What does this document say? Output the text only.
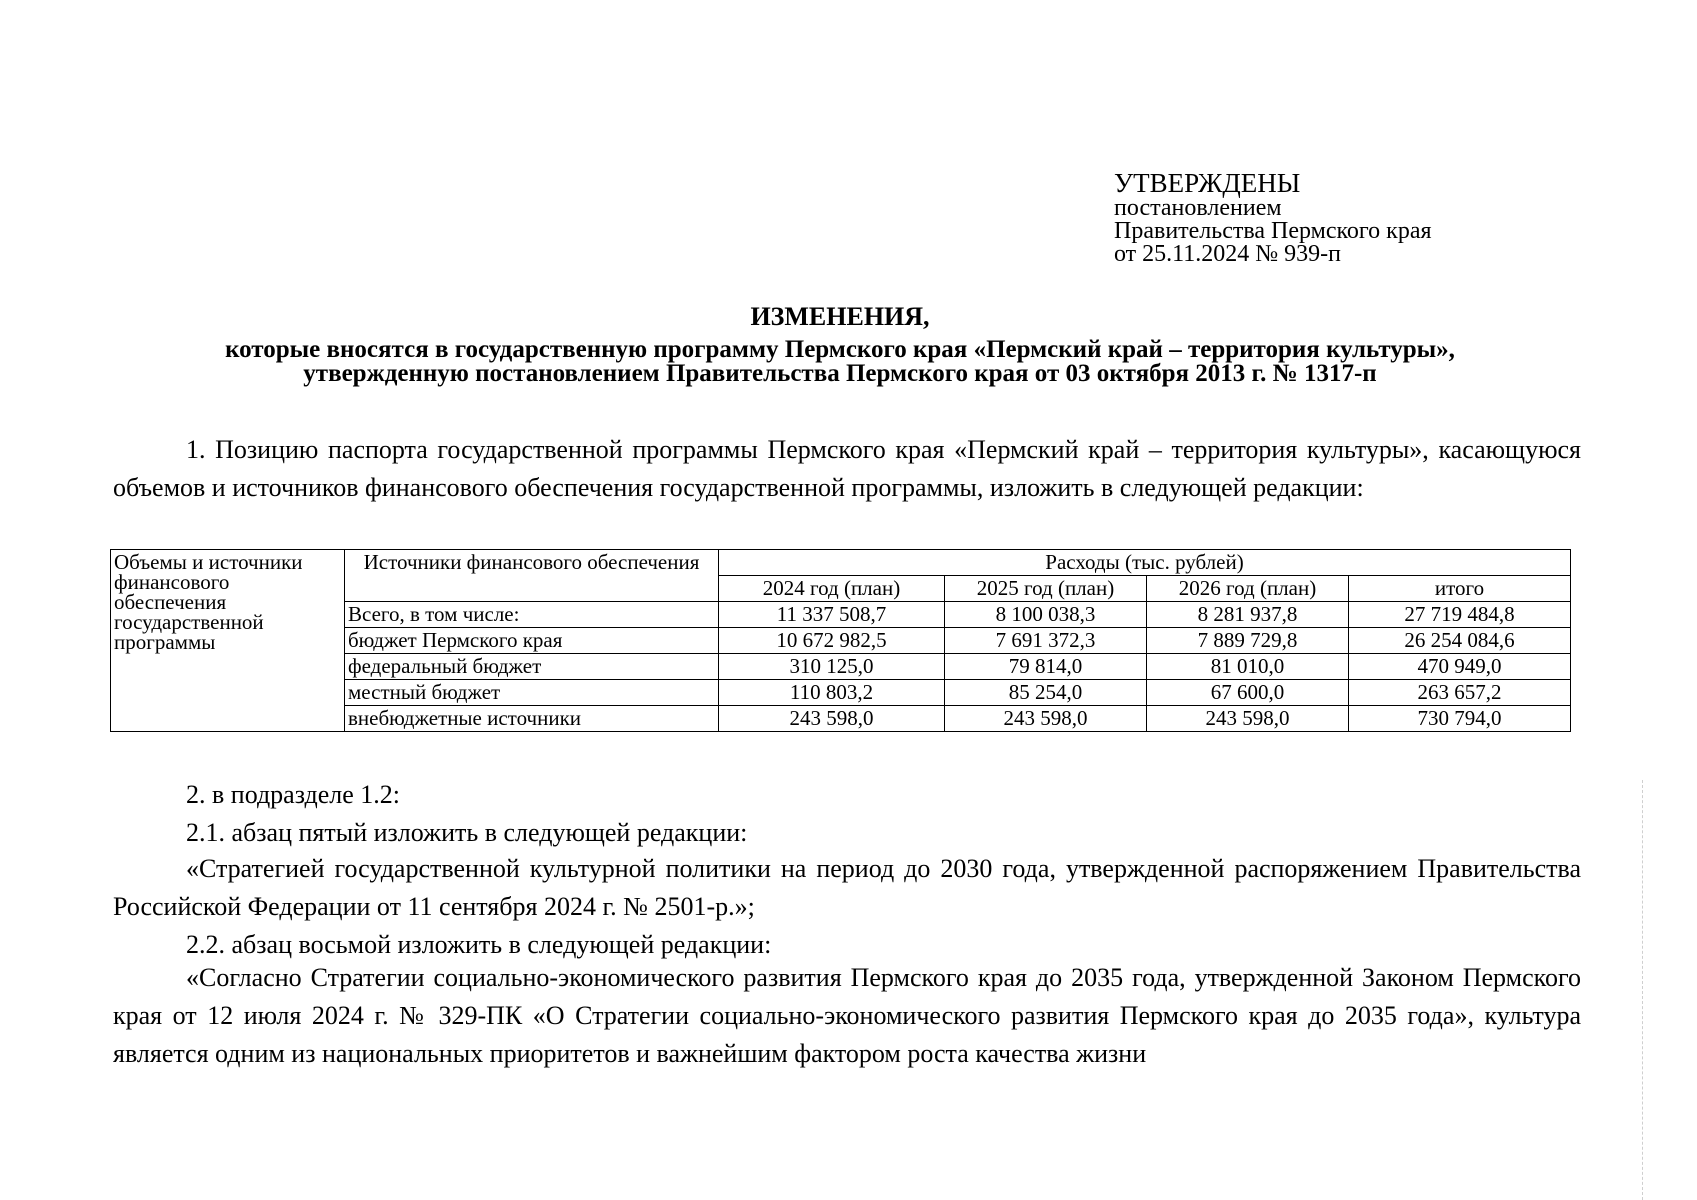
УТВЕРЖДЕНЫ
постановлением
Правительства Пермского края
от 25.11.2024 № 939-п
ИЗМЕНЕНИЯ,
которые вносятся в государственную программу Пермского края «Пермский край – территория культуры»,
утвержденную постановлением Правительства Пермского края от 03 октября 2013 г. № 1317-п
1. Позицию паспорта государственной программы Пермского края «Пермский край – территория культуры», касающуюся объемов и источников финансового обеспечения государственной программы, изложить в следующей редакции:
Объемы и источники финансового обеспечения государственной программы	Источники финансового обеспечения	Расходы (тыс. рублей)			
		2024 год (план)	2025 год (план)	2026 год (план)	итого
	Всего, в том числе:	11 337 508,7	8 100 038,3	8 281 937,8	27 719 484,8
	бюджет Пермского края	10 672 982,5	7 691 372,3	7 889 729,8	26 254 084,6
	федеральный бюджет	310 125,0	79 814,0	81 010,0	470 949,0
	местный бюджет	110 803,2	85 254,0	67 600,0	263 657,2
	внебюджетные источники	243 598,0	243 598,0	243 598,0	730 794,0
2. в подразделе 1.2:
2.1. абзац пятый изложить в следующей редакции:
«Стратегией государственной культурной политики на период до 2030 года, утвержденной распоряжением Правительства Российской Федерации от 11 сентября 2024 г. № 2501-р.»;
2.2. абзац восьмой изложить в следующей редакции:
«Согласно Стратегии социально-экономического развития Пермского края до 2035 года, утвержденной Законом Пермского края от 12 июля 2024 г. № 329-ПК «О Стратегии социально-экономического развития Пермского края до 2035 года», культура является одним из национальных приоритетов и важнейшим фактором роста качества жизни
